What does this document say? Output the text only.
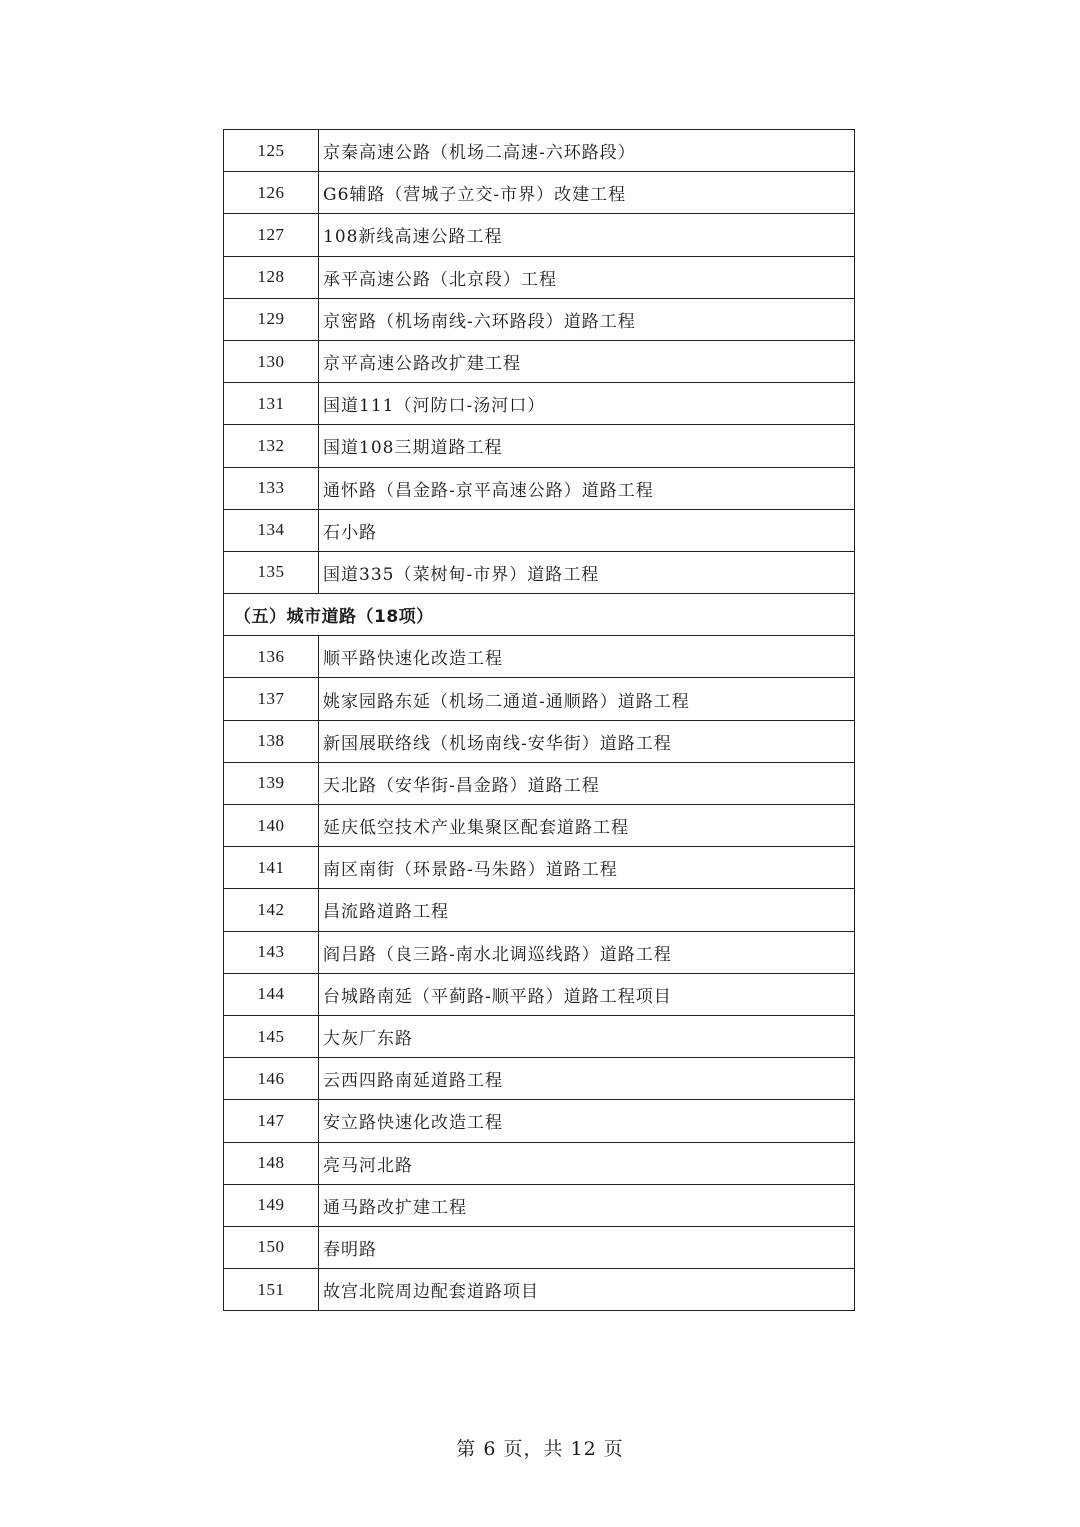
125	京秦高速公路（机场二高速-六环路段）
126	G6辅路（营城子立交-市界）改建工程
127	108新线高速公路工程
128	承平高速公路（北京段）工程
129	京密路（机场南线-六环路段）道路工程
130	京平高速公路改扩建工程
131	国道111（河防口-汤河口）
132	国道108三期道路工程
133	通怀路（昌金路-京平高速公路）道路工程
134	石小路
135	国道335（菜树甸-市界）道路工程
（五）城市道路（18项）	
136	顺平路快速化改造工程
137	姚家园路东延（机场二通道-通顺路）道路工程
138	新国展联络线（机场南线-安华街）道路工程
139	天北路（安华街-昌金路）道路工程
140	延庆低空技术产业集聚区配套道路工程
141	南区南街（环景路-马朱路）道路工程
142	昌流路道路工程
143	阎吕路（良三路-南水北调巡线路）道路工程
144	台城路南延（平蓟路-顺平路）道路工程项目
145	大灰厂东路
146	云西四路南延道路工程
147	安立路快速化改造工程
148	亮马河北路
149	通马路改扩建工程
150	春明路
151	故宫北院周边配套道路项目
第 6 页，共 12 页
